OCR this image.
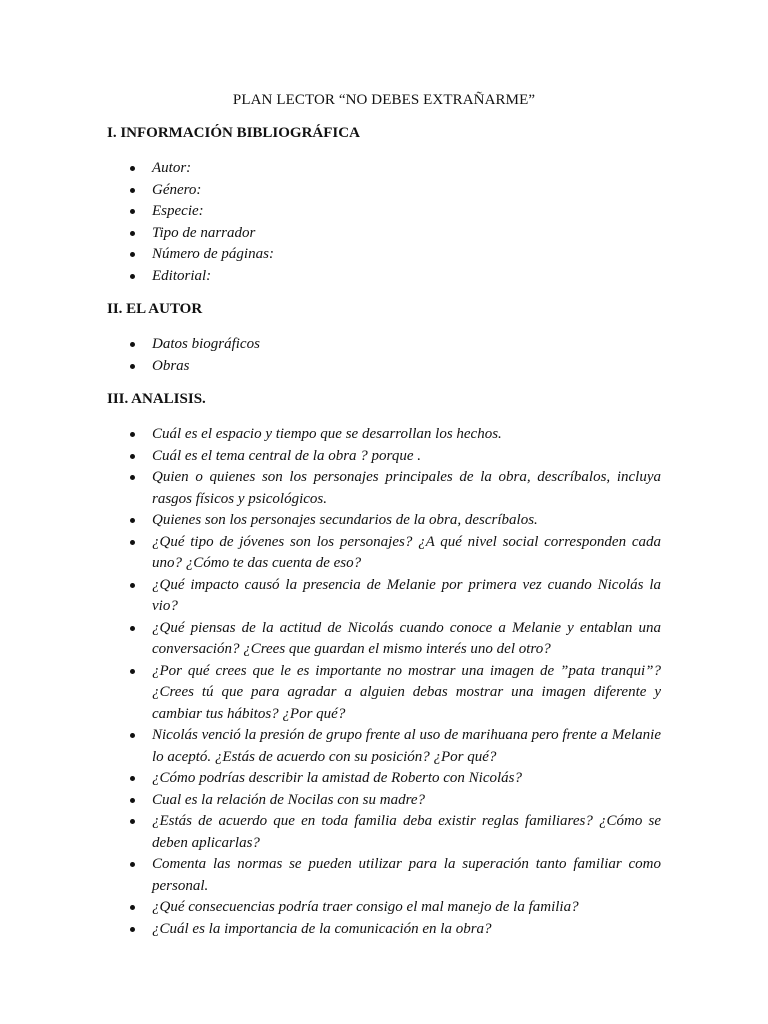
PLAN LECTOR “NO DEBES EXTRAÑARME”
I. INFORMACIÓN BIBLIOGRÁFICA
Autor:
Género:
Especie:
Tipo de narrador
Número de páginas:
Editorial:
II. EL AUTOR
Datos biográficos
Obras
III. ANALISIS.
Cuál es el espacio y tiempo que se desarrollan los hechos.
Cuál es el tema central de la obra ? porque .
Quien o quienes son los personajes principales de la obra, descríbalos, incluya rasgos físicos y psicológicos.
Quienes son los personajes secundarios de la obra, descríbalos.
¿Qué tipo de jóvenes son los personajes? ¿A qué nivel social corresponden cada uno? ¿Cómo te das cuenta de eso?
¿Qué impacto causó la presencia de Melanie por primera vez cuando Nicolás la vio?
¿Qué piensas de la actitud de Nicolás cuando conoce a Melanie y entablan una conversación? ¿Crees que guardan el mismo interés uno del otro?
¿Por qué crees que le es importante no mostrar una imagen de ”pata tranqui”? ¿Crees tú que para agradar a alguien debas mostrar una imagen diferente y cambiar tus hábitos? ¿Por qué?
Nicolás venció la presión de grupo frente al uso de marihuana pero frente a Melanie lo aceptó. ¿Estás de acuerdo con su posición? ¿Por qué?
¿Cómo podrías describir la amistad de Roberto con Nicolás?
Cual es la relación de Nocilas con su madre?
¿Estás de acuerdo que en toda familia deba existir reglas familiares? ¿Cómo se deben aplicarlas?
Comenta las normas se pueden utilizar para la superación tanto familiar como personal.
¿Qué consecuencias podría traer consigo el mal manejo de la familia?
¿Cuál es la importancia de la comunicación en la obra?
